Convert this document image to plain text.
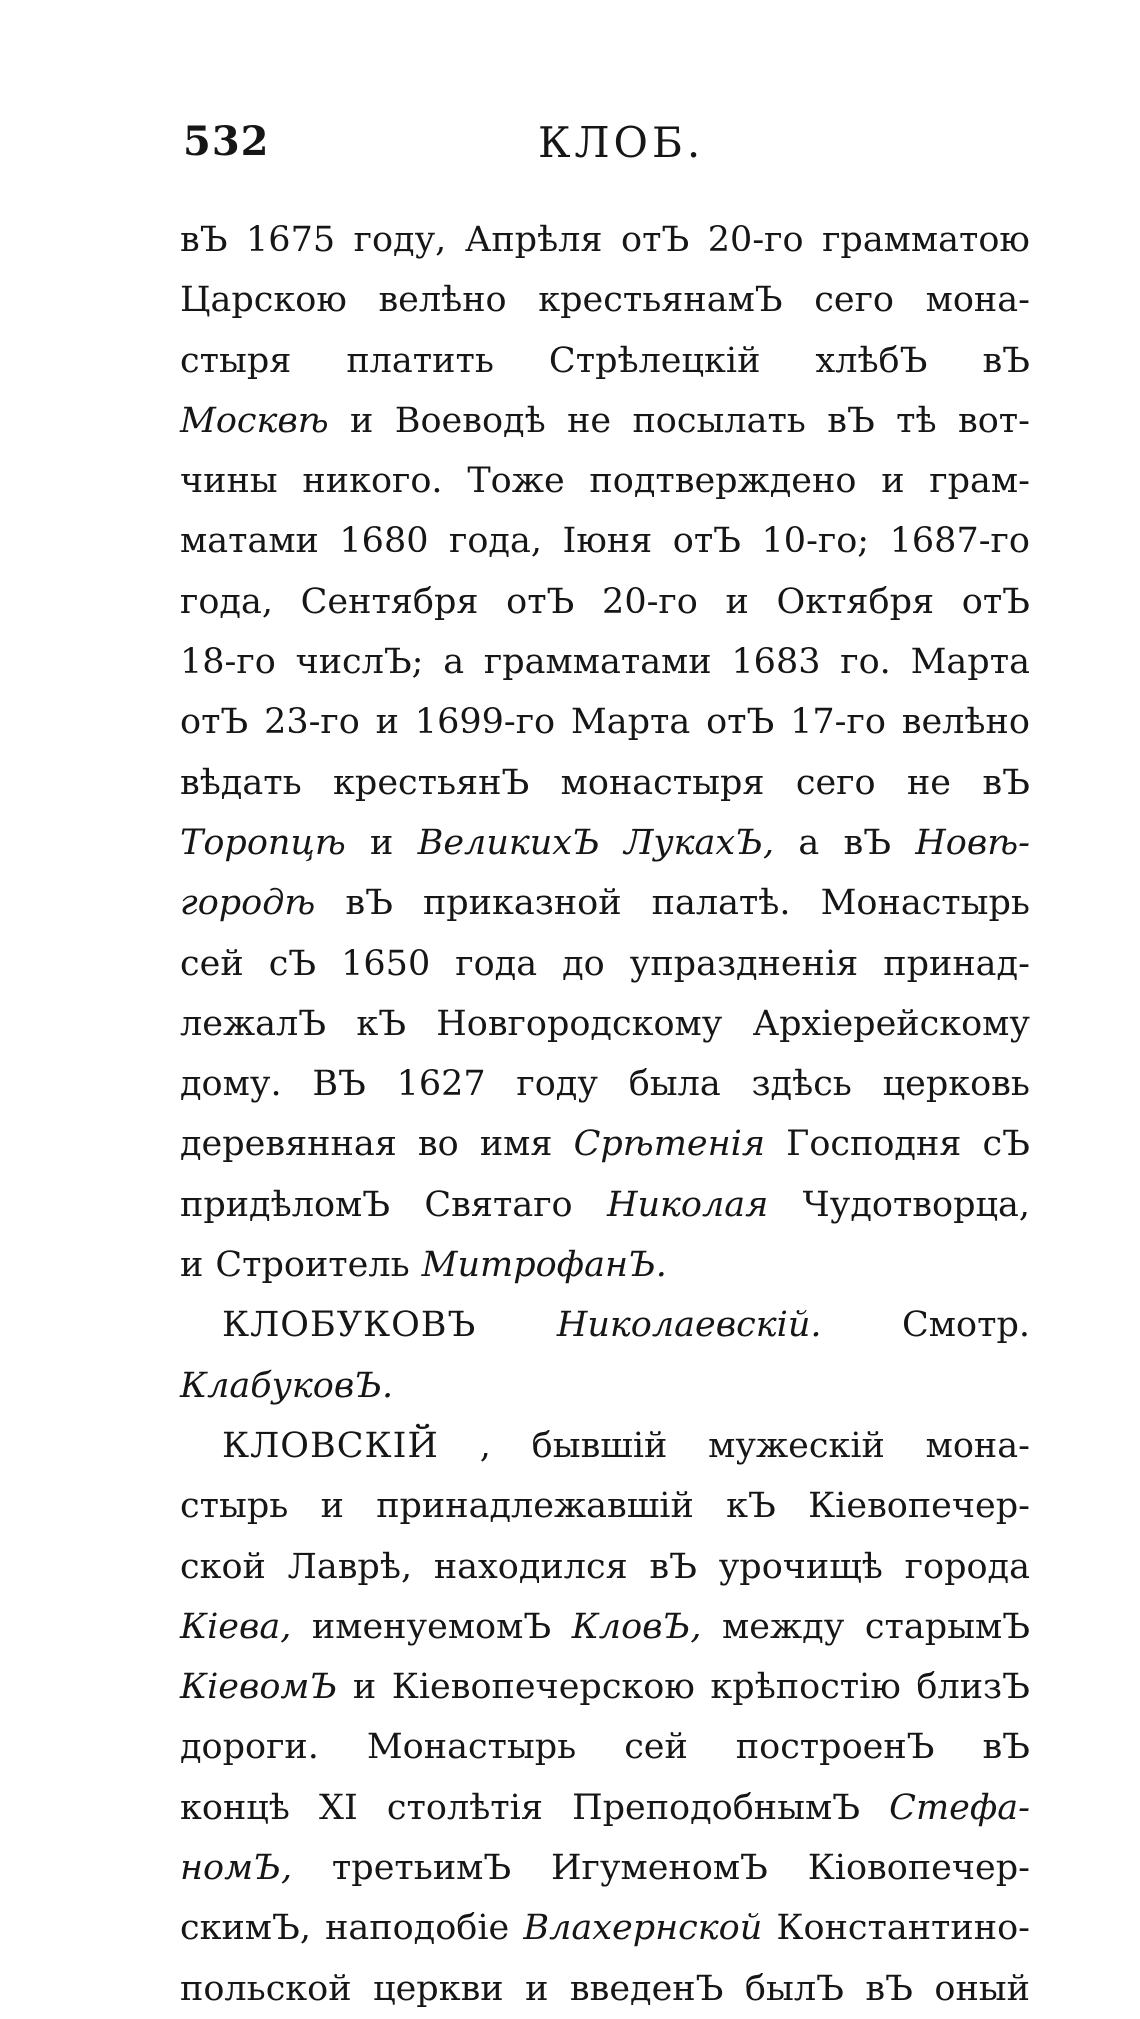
532	КЛОБ.
вЪ 1675 году, Апрѣля отЪ 20-го грамматою
Царскою велѣно крестьянамЪ сего мона-
стыря платить Стрѣлецкій хлѣбЪ вЪ
Москвѣ и Воеводѣ не посылать вЪ тѣ вот-
чины никого. Тоже подтверждено и грам-
матами 1680 года, Іюня отЪ 10-го; 1687-го
года, Сентября отЪ 20-го и Октября отЪ
18-го числЪ; а грамматами 1683 го. Марта
отЪ 23-го и 1699-го Марта отЪ 17-го велѣно
вѣдать крестьянЪ монастыря сего не вЪ
Торопцѣ и ВеликихЪ ЛукахЪ, а вЪ Новѣ-
городѣ вЪ приказной палатѣ. Монастырь
сей сЪ 1650 года до упраздненія принад-
лежалЪ кЪ Новгородскому Архіерейскому
дому. ВЪ 1627 году была здѣсь церковь
деревянная во имя Срѣтенія Господня сЪ
придѣломЪ Святаго Николая Чудотворца,
и Строитель МитрофанЪ.
КЛОБУКОВЪ Николаевскій. Смотр.
КлабуковЪ.
КЛОВСКІЙ , бывшій мужескій мона-
стырь и принадлежавшій кЪ Кіевопечер-
ской Лаврѣ, находился вЪ урочищѣ города
Кіева, именуемомЪ КловЪ, между старымЪ
КіевомЪ и Кіевопечерскою крѣпостію близЪ
дороги. Монастырь сей построенЪ вЪ
концѣ XI столѣтія ПреподобнымЪ Стефа-
номЪ, третьимЪ ИгуменомЪ Кіовопечер-
скимЪ, наподобіе Влахернской Константино-
польской церкви и введенЪ былЪ вЪ оный
